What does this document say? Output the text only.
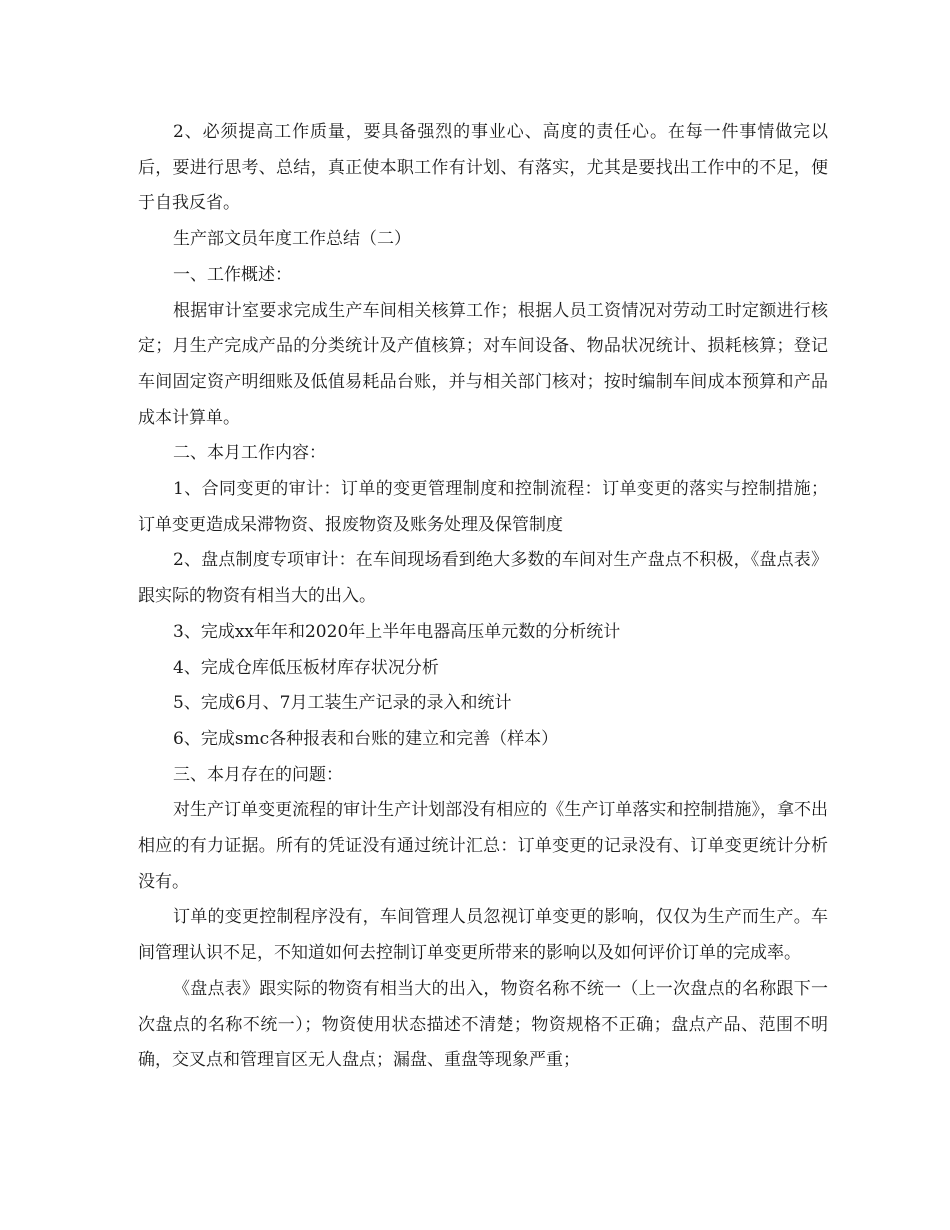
2、必须提高工作质量，要具备强烈的事业心、高度的责任心。在每一件事情做完以后，要进行思考、总结，真正使本职工作有计划、有落实，尤其是要找出工作中的不足，便于自我反省。

生产部文员年度工作总结（二）

一、工作概述：

根据审计室要求完成生产车间相关核算工作；根据人员工资情况对劳动工时定额进行核定；月生产完成产品的分类统计及产值核算；对车间设备、物品状况统计、损耗核算；登记车间固定资产明细账及低值易耗品台账，并与相关部门核对；按时编制车间成本预算和产品成本计算单。

二、本月工作内容：

1、合同变更的审计：订单的变更管理制度和控制流程：订单变更的落实与控制措施；订单变更造成呆滞物资、报废物资及账务处理及保管制度

2、盘点制度专项审计：在车间现场看到绝大多数的车间对生产盘点不积极，《盘点表》跟实际的物资有相当大的出入。

3、完成xx年年和2020年上半年电器高压单元数的分析统计

4、完成仓库低压板材库存状况分析

5、完成6月、7月工装生产记录的录入和统计

6、完成smc各种报表和台账的建立和完善（样本）

三、本月存在的问题：

对生产订单变更流程的审计生产计划部没有相应的《生产订单落实和控制措施》，拿不出相应的有力证据。所有的凭证没有通过统计汇总：订单变更的记录没有、订单变更统计分析没有。

订单的变更控制程序没有，车间管理人员忽视订单变更的影响，仅仅为生产而生产。车间管理认识不足，不知道如何去控制订单变更所带来的影响以及如何评价订单的完成率。

《盘点表》跟实际的物资有相当大的出入，物资名称不统一（上一次盘点的名称跟下一次盘点的名称不统一）；物资使用状态描述不清楚；物资规格不正确；盘点产品、范围不明确，交叉点和管理盲区无人盘点；漏盘、重盘等现象严重；
